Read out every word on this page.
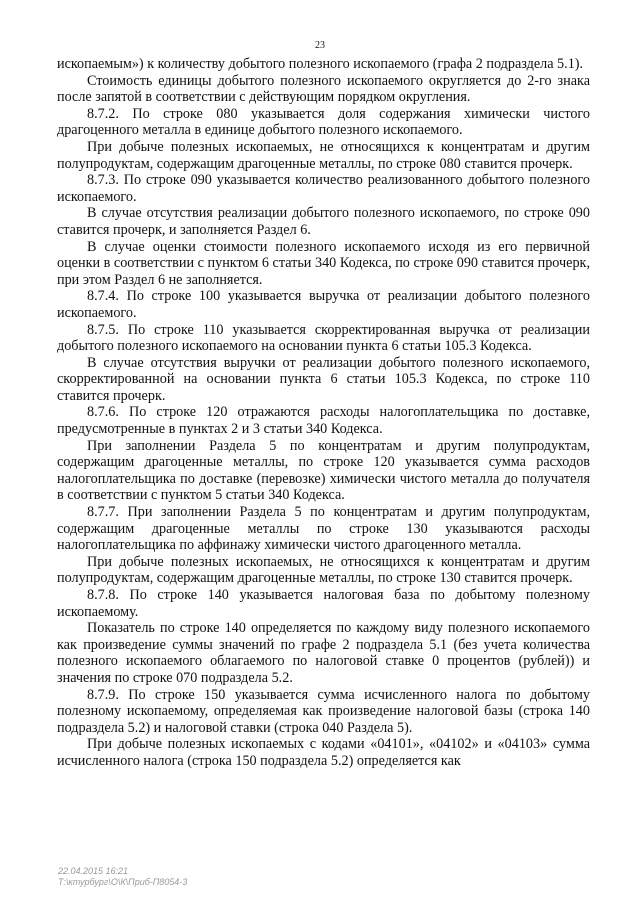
23

ископаемым») к количеству добытого полезного ископаемого (графа 2 подраздела 5.1).

Стоимость единицы добытого полезного ископаемого округляется до 2-го знака после запятой в соответствии с действующим порядком округления.

8.7.2. По строке 080 указывается доля содержания химически чистого драгоценного металла в единице добытого полезного ископаемого.

При добыче полезных ископаемых, не относящихся к концентратам и другим полупродуктам, содержащим драгоценные металлы, по строке 080 ставится прочерк.

8.7.3. По строке 090 указывается количество реализованного добытого полезного ископаемого.

В случае отсутствия реализации добытого полезного ископаемого, по строке 090 ставится прочерк, и заполняется Раздел 6.

В случае оценки стоимости полезного ископаемого исходя из его первичной оценки в соответствии с пунктом 6 статьи 340 Кодекса, по строке 090 ставится прочерк, при этом Раздел 6 не заполняется.

8.7.4. По строке 100 указывается выручка от реализации добытого полезного ископаемого.

8.7.5. По строке 110 указывается скорректированная выручка от реализации добытого полезного ископаемого на основании пункта 6 статьи 105.3 Кодекса.

В случае отсутствия выручки от реализации добытого полезного ископаемого, скорректированной на основании пункта 6 статьи 105.3 Кодекса, по строке 110 ставится прочерк.

8.7.6. По строке 120 отражаются расходы налогоплательщика по доставке, предусмотренные в пунктах 2 и 3 статьи 340 Кодекса.

При заполнении Раздела 5 по концентратам и другим полупродуктам, содержащим драгоценные металлы, по строке 120 указывается сумма расходов налогоплательщика по доставке (перевозке) химически чистого металла до получателя в соответствии с пунктом 5 статьи 340 Кодекса.

8.7.7. При заполнении Раздела 5 по концентратам и другим полупродуктам, содержащим драгоценные металлы по строке 130 указываются расходы налогоплательщика по аффинажу химически чистого драгоценного металла.

При добыче полезных ископаемых, не относящихся к концентратам и другим полупродуктам, содержащим драгоценные металлы, по строке 130 ставится прочерк.

8.7.8. По строке 140 указывается налоговая база по добытому полезному ископаемому.

Показатель по строке 140 определяется по каждому виду полезного ископаемого как произведение суммы значений по графе 2 подраздела 5.1 (без учета количества полезного ископаемого облагаемого по налоговой ставке 0 процентов (рублей)) и значения по строке 070 подраздела 5.2.

8.7.9. По строке 150 указывается сумма исчисленного налога по добытому полезному ископаемому, определяемая как произведение налоговой базы (строка 140 подраздела 5.2) и налоговой ставки (строка 040 Раздела 5).

При добыче полезных ископаемых с кодами «04101», «04102» и «04103» сумма исчисленного налога (строка 150 подраздела 5.2) определяется как

22.04.2015 16:21
Т:\ктурбург\О\К\Приб-П8054-3
